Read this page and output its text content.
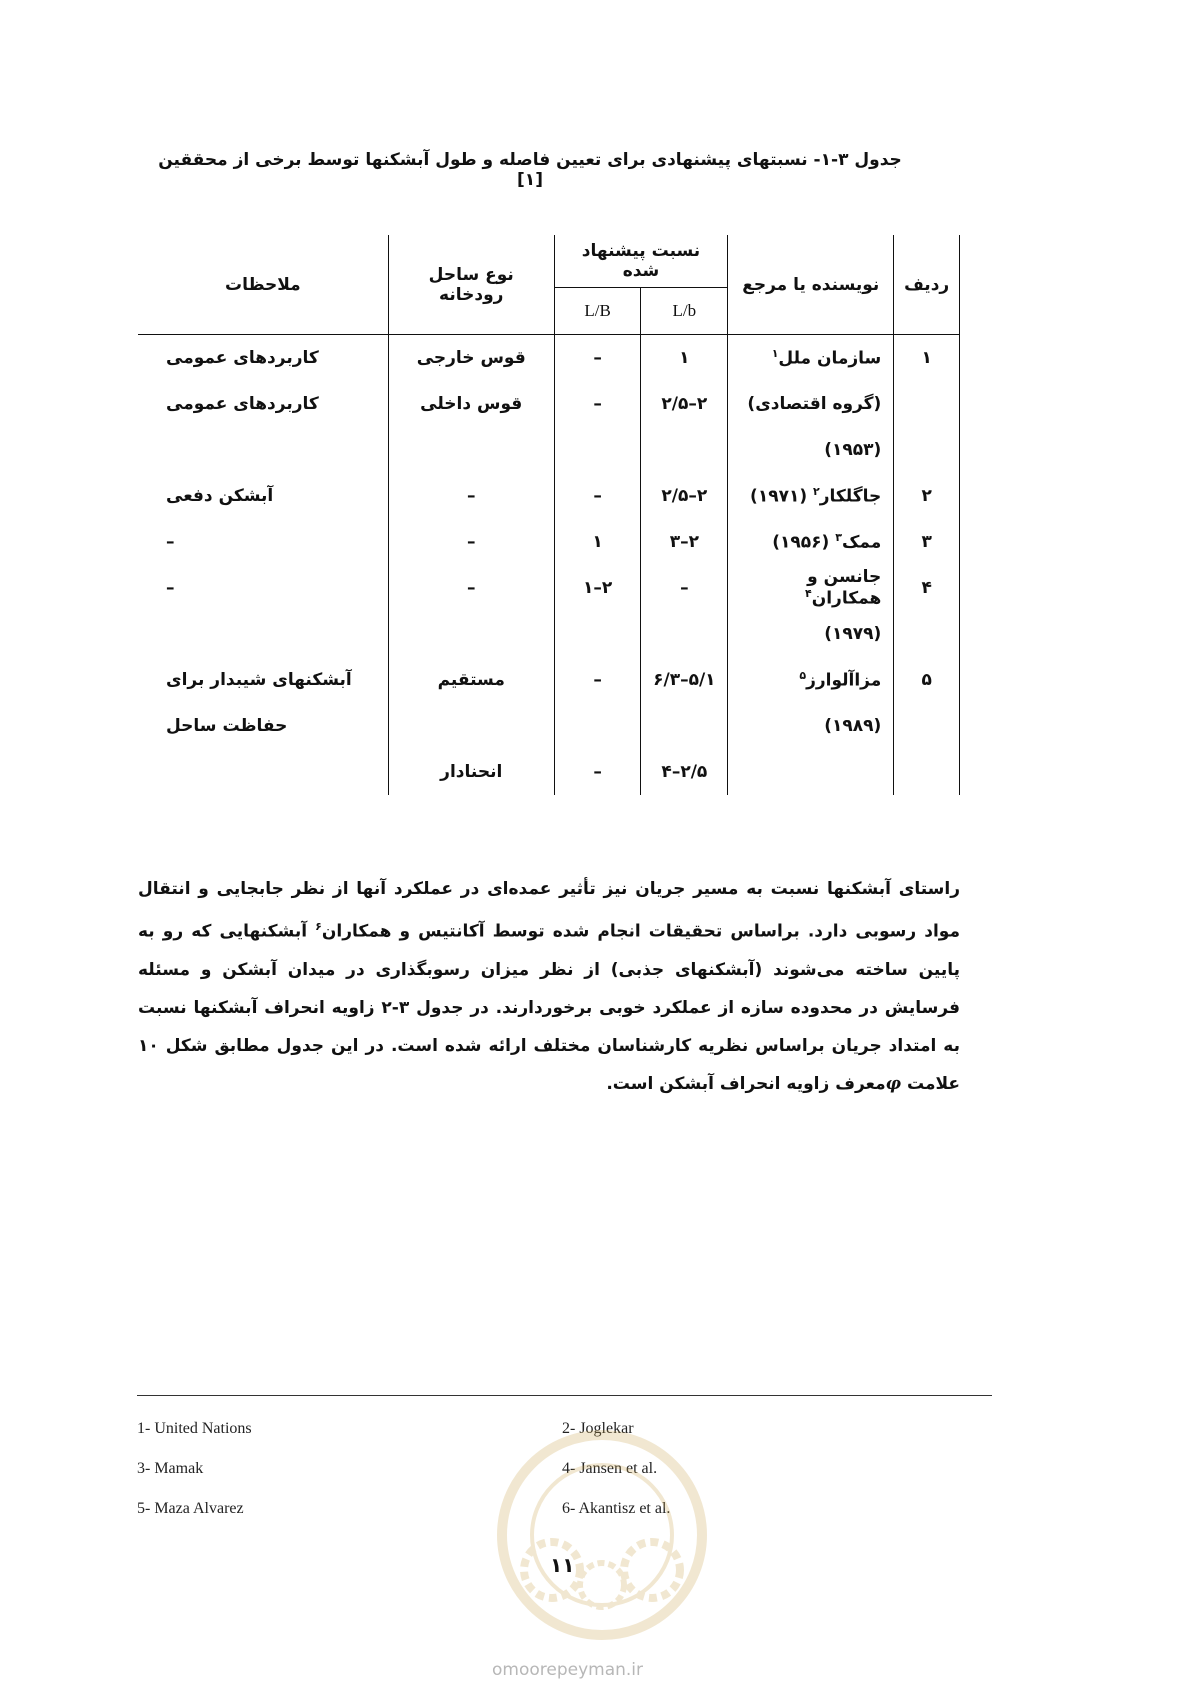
جدول ۳-۱- نسبتهای پیشنهادی برای تعیین فاصله و طول آبشکنها توسط برخی از محققین [۱]
ردیف	نویسنده یا مرجع	نسبت پیشنهاد شده		نوع ساحل رودخانه	ملاحظات
		L/b	L/B		

۱	سازمان ملل$^۱$	۱	–	قوس خارجی	کاربردهای عمومی
	(گروه اقتصادی)	۲–۲/۵	–	قوس داخلی	کاربردهای عمومی
	(۱۹۵۳)				
۲	جاگلکار$^۲$ (۱۹۷۱)	۲–۲/۵	–	–	آبشکن دفعی
۳	ممک$^۳$ (۱۹۵۶)	۲–۳	۱	–	–
۴	جانسن و همکاران$^۴$	–	۲–۱	–	–
	(۱۹۷۹)				
۵	مزاآلوارز$^۵$	۵/۱–۶/۳	–	مستقیم	آبشکنهای شیبدار برای
	(۱۹۸۹)				حفاظت ساحل
		۲/۵–۴	–	انحنادار	
راستای آبشکنها نسبت به مسیر جریان نیز تأثیر عمده‌ای در عملکرد آنها از نظر جابجایی و انتقال مواد رسوبی دارد. براساس تحقیقات انجام شده توسط آکانتیس و همکاران$^۶$ آبشکنهایی که رو به پایین ساخته می‌شوند (آبشکنهای جذبی) از نظر میزان رسوبگذاری در میدان آبشکن و مسئله فرسایش در محدوده سازه از عملکرد خوبی برخوردارند. در جدول ۳-۲ زاویه انحراف آبشکنها نسبت به امتداد جریان براساس نظریه کارشناسان مختلف ارائه شده است. در این جدول مطابق شکل ۱۰ علامت φمعرف زاویه انحراف آبشکن است.
1- United Nations	2- Joglekar
3- Mamak	4- Jansen et al.
5- Maza Alvarez	6- Akantisz et al.
۱۱
omoorepeyman.ir
